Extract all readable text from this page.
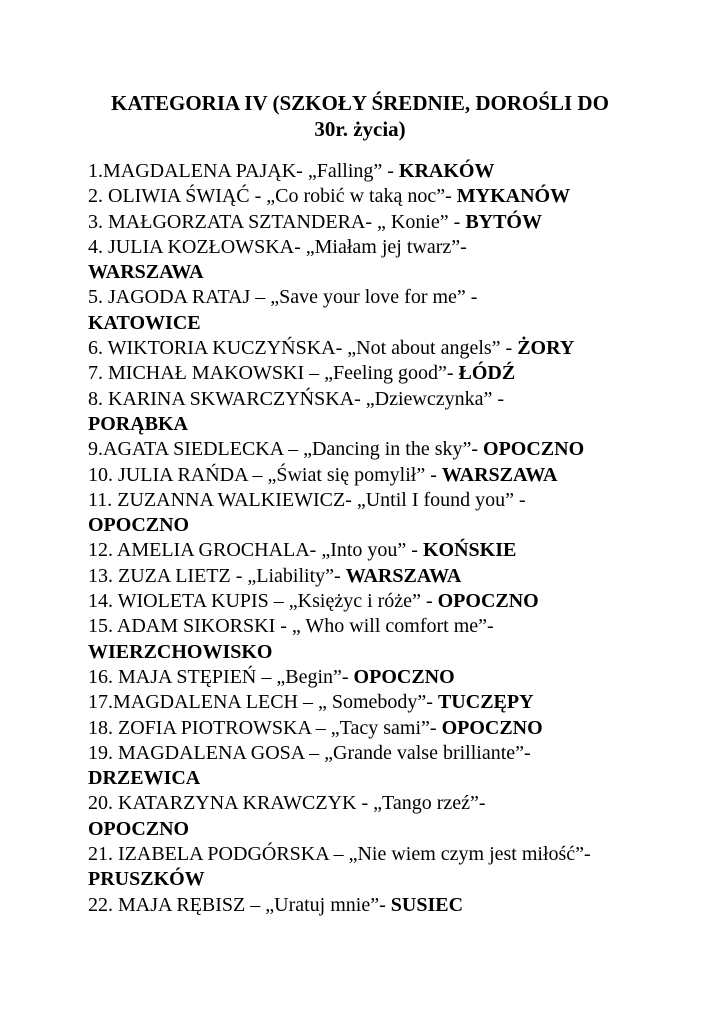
KATEGORIA IV (SZKOŁY ŚREDNIE, DOROŚLI DO
30r. życia)
1.MAGDALENA PAJĄK- „Falling” - KRAKÓW
2. OLIWIA ŚWIĄĆ - „Co robić w taką noc”- MYKANÓW
3. MAŁGORZATA SZTANDERA- „ Konie” - BYTÓW
4. JULIA KOZŁOWSKA- „Miałam jej twarz”-
WARSZAWA
5. JAGODA RATAJ – „Save your love for me” -
KATOWICE
6. WIKTORIA KUCZYŃSKA- „Not about angels” - ŻORY
7. MICHAŁ MAKOWSKI – „Feeling good”- ŁÓDŹ
8. KARINA SKWARCZYŃSKA- „Dziewczynka” -
PORĄBKA
9.AGATA SIEDLECKA – „Dancing in the sky”- OPOCZNO
10. JULIA RAŃDA – „Świat się pomylił” - WARSZAWA
11. ZUZANNA WALKIEWICZ- „Until I found you” -
OPOCZNO
12. AMELIA GROCHALA- „Into you” - KOŃSKIE
13. ZUZA LIETZ - „Liability”- WARSZAWA
14. WIOLETA KUPIS – „Księżyc i róże” - OPOCZNO
15. ADAM SIKORSKI - „ Who will comfort me”-
WIERZCHOWISKO
16. MAJA STĘPIEŃ – „Begin”- OPOCZNO
17.MAGDALENA LECH – „ Somebody”- TUCZĘPY
18. ZOFIA PIOTROWSKA – „Tacy sami”- OPOCZNO
19. MAGDALENA GOSA – „Grande valse brilliante”-
DRZEWICA
20. KATARZYNA KRAWCZYK - „Tango rzeź”-
OPOCZNO
21. IZABELA PODGÓRSKA – „Nie wiem czym jest miłość”- PRUSZKÓW
22. MAJA RĘBISZ – „Uratuj mnie”- SUSIEC
